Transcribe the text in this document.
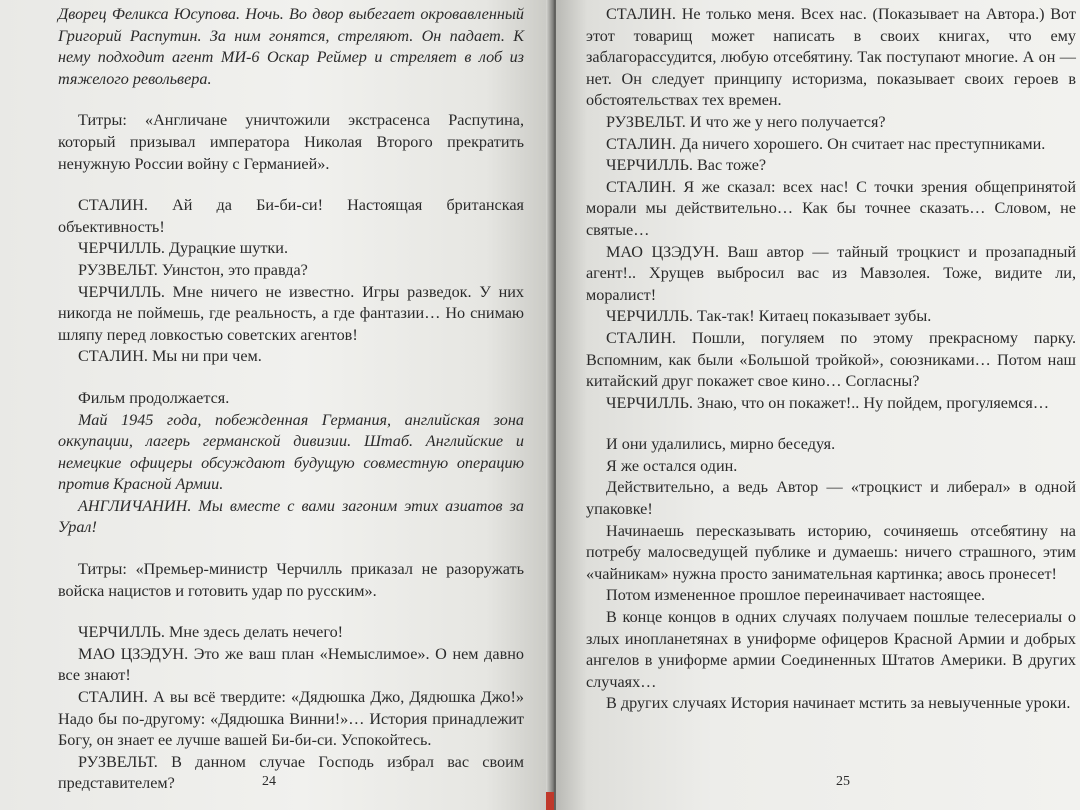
Дворец Феликса Юсупова. Ночь. Во двор выбегает окровавленный Григорий Распутин. За ним гонятся, стреляют. Он падает. К нему подходит агент МИ-6 Оскар Реймер и стреляет в лоб из тяжелого револьвера.

Титры: «Англичане уничтожили экстрасенса Распутина, который призывал императора Николая Второго прекратить ненужную России войну с Германией».

СТАЛИН. Ай да Би-би-си! Настоящая британская объективность!

ЧЕРЧИЛЛЬ. Дурацкие шутки.

РУЗВЕЛЬТ. Уинстон, это правда?

ЧЕРЧИЛЛЬ. Мне ничего не известно. Игры разведок. У них никогда не поймешь, где реальность, а где фантазии… Но снимаю шляпу перед ловкостью советских агентов!

СТАЛИН. Мы ни при чем.

Фильм продолжается.

Май 1945 года, побежденная Германия, английская зона оккупации, лагерь германской дивизии. Штаб. Английские и немецкие офицеры обсуждают будущую совместную операцию против Красной Армии.

АНГЛИЧАНИН. Мы вместе с вами загоним этих азиатов за Урал!

Титры: «Премьер-министр Черчилль приказал не разоружать войска нацистов и готовить удар по русским».

ЧЕРЧИЛЛЬ. Мне здесь делать нечего!

МАО ЦЗЭДУН. Это же ваш план «Немыслимое». О нем давно все знают!

СТАЛИН. А вы всё твердите: «Дядюшка Джо, Дядюшка Джо!» Надо бы по-другому: «Дядюшка Винни!»… История принадлежит Богу, он знает ее лучше вашей Би-би-си. Успокойтесь.

РУЗВЕЛЬТ. В данном случае Господь избрал вас своим представителем?	24

СТАЛИН. Не только меня. Всех нас. (Показывает на Автора.) Вот этот товарищ может написать в своих книгах, что ему заблагорассудится, любую отсебятину. Так поступают многие. А он — нет. Он следует принципу историзма, показывает своих героев в обстоятельствах тех времен.

РУЗВЕЛЬТ. И что же у него получается?

СТАЛИН. Да ничего хорошего. Он считает нас преступниками.

ЧЕРЧИЛЛЬ. Вас тоже?

СТАЛИН. Я же сказал: всех нас! С точки зрения общепринятой морали мы действительно… Как бы точнее сказать… Словом, не святые…

МАО ЦЗЭДУН. Ваш автор — тайный троцкист и прозападный агент!.. Хрущев выбросил вас из Мавзолея. Тоже, видите ли, моралист!

ЧЕРЧИЛЛЬ. Так-так! Китаец показывает зубы.

СТАЛИН. Пошли, погуляем по этому прекрасному парку. Вспомним, как были «Большой тройкой», союзниками… Потом наш китайский друг покажет свое кино… Согласны?

ЧЕРЧИЛЛЬ. Знаю, что он покажет!.. Ну пойдем, прогуляемся…

И они удалились, мирно беседуя.

Я же остался один.

Действительно, а ведь Автор — «троцкист и либерал» в одной упаковке!

Начинаешь пересказывать историю, сочиняешь отсебятину на потребу малосведущей публике и думаешь: ничего страшного, этим «чайникам» нужна просто занимательная картинка; авось пронесет!

Потом измененное прошлое переиначивает настоящее.

В конце концов в одних случаях получаем пошлые телесериалы о злых инопланетянах в униформе офицеров Красной Армии и добрых ангелов в униформе армии Соединенных Штатов Америки. В других случаях…

В других случаях История начинает мстить за невыученные уроки.

25
